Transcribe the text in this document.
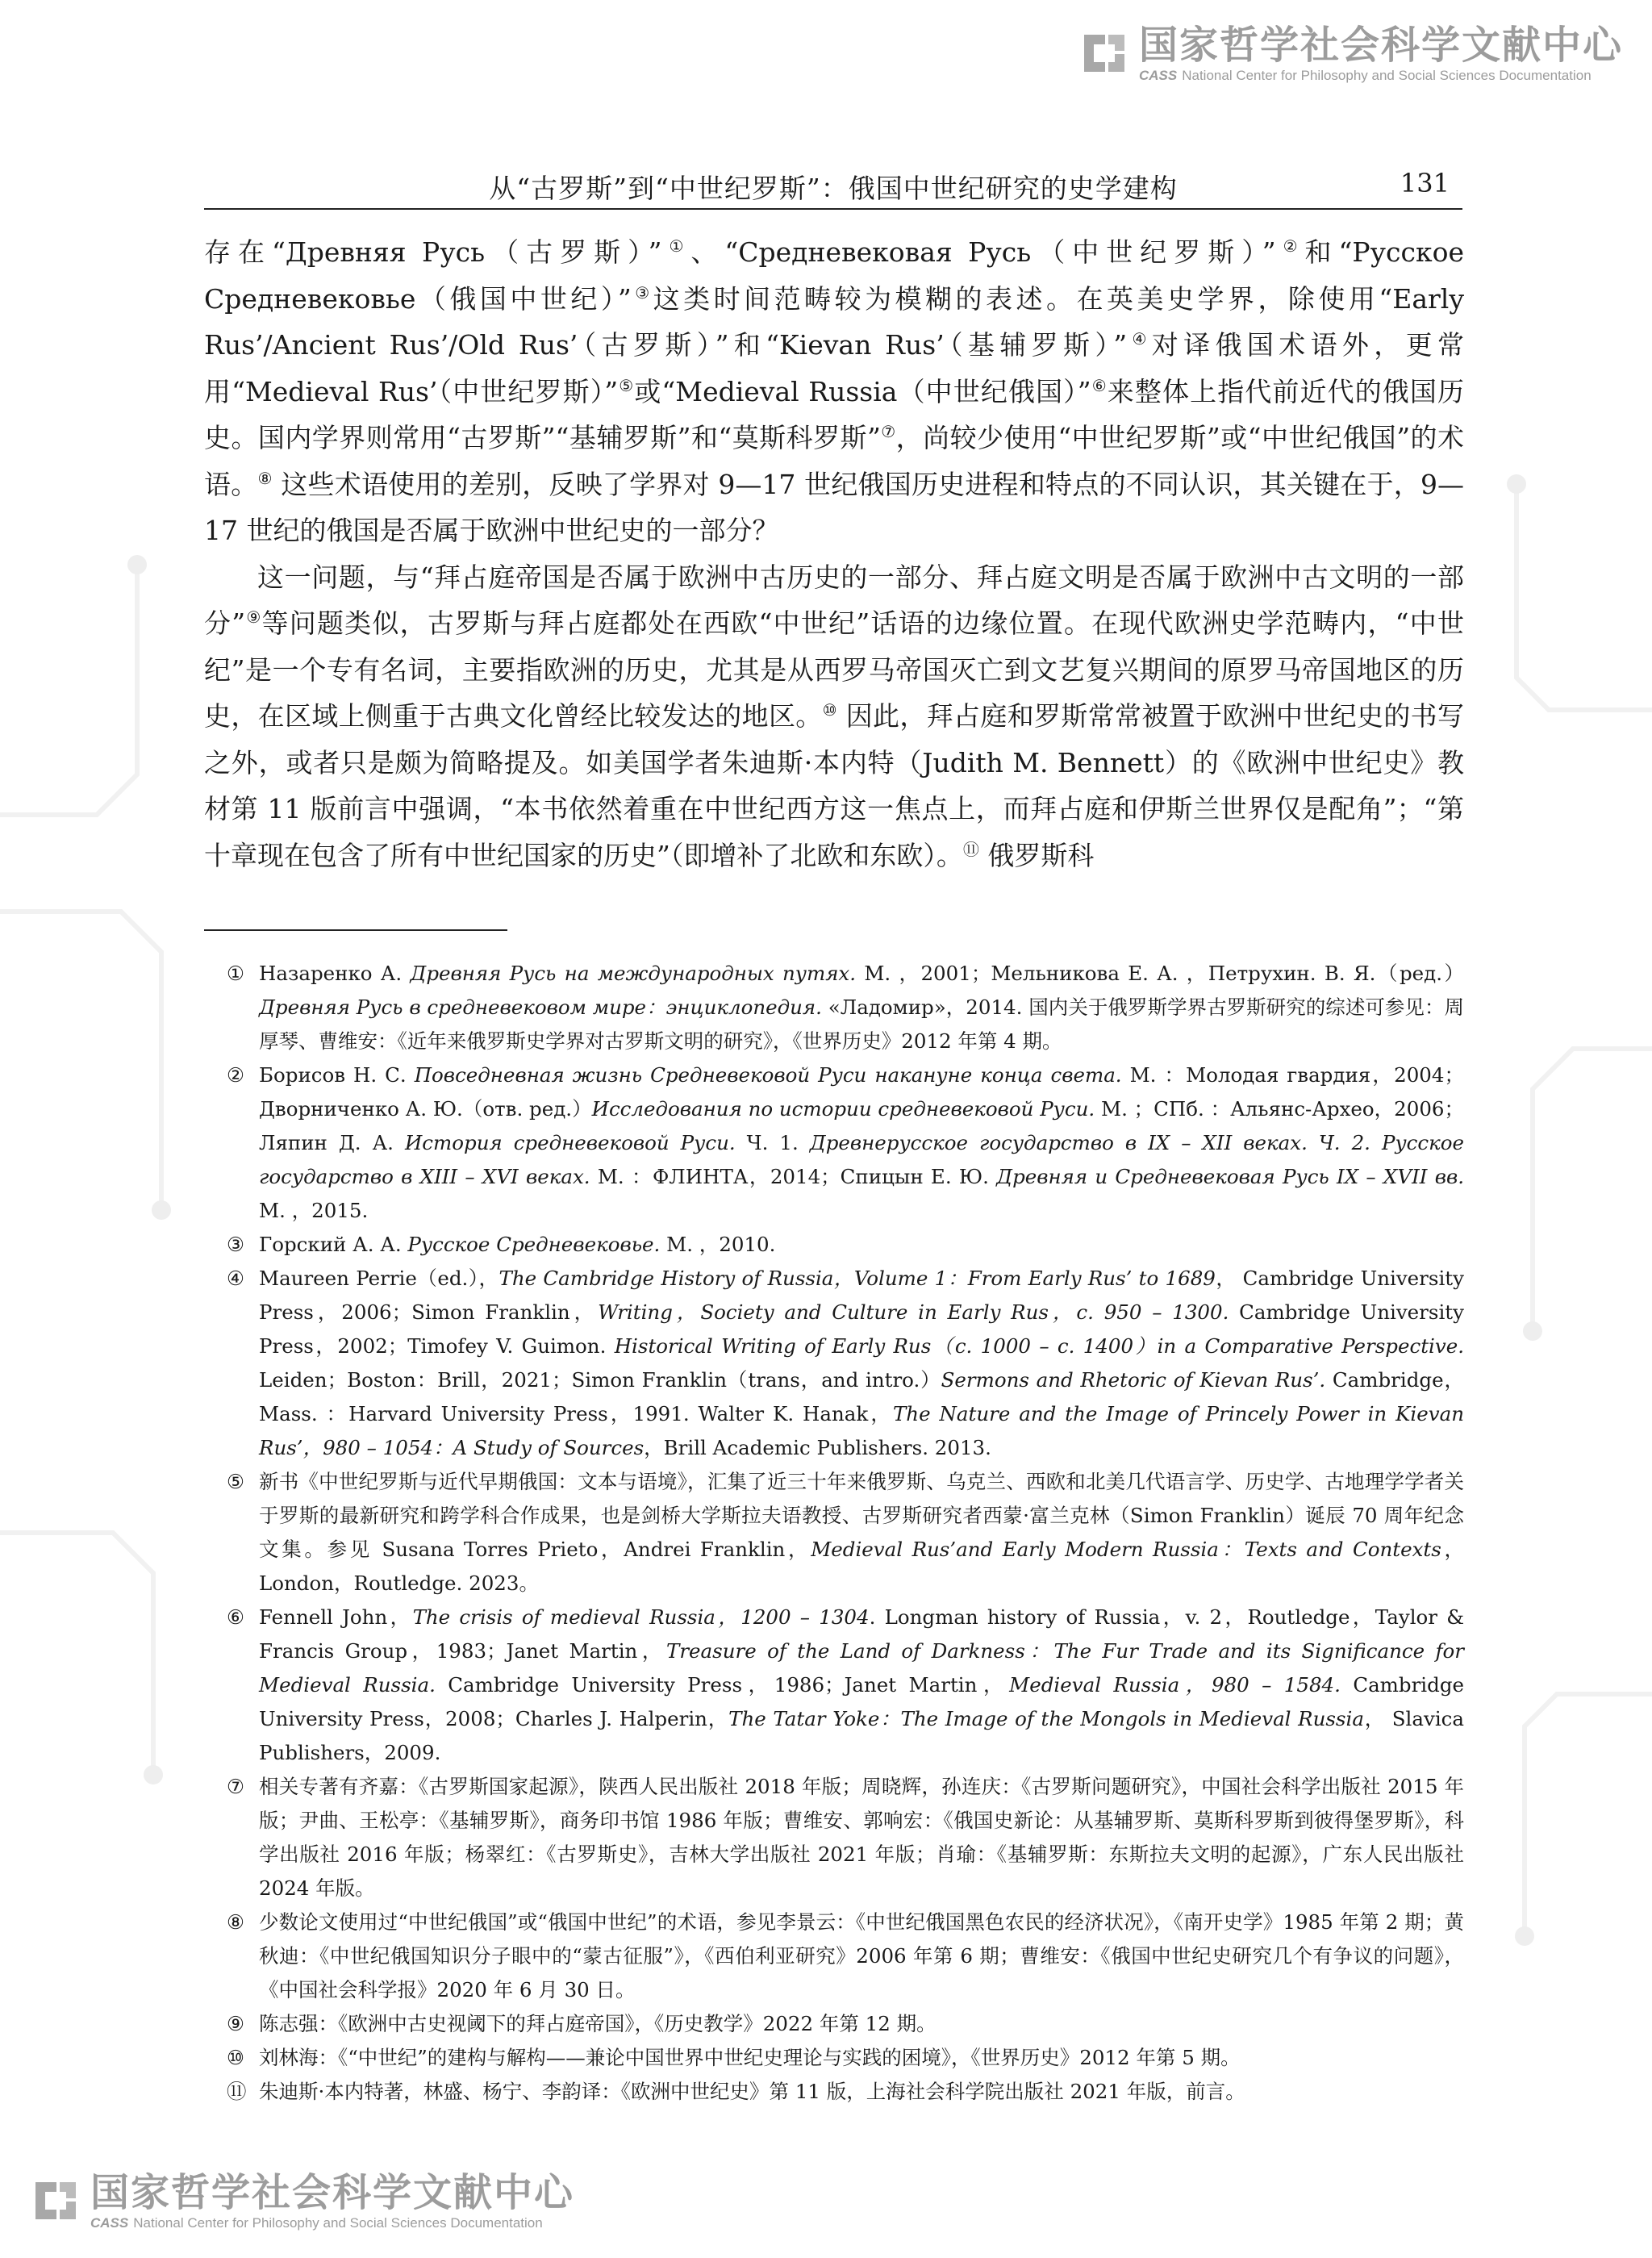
国家哲学社会科学文献中心
CASS National Center for Philosophy and Social Sciences Documentation
从“古罗斯”到“中世纪罗斯”：俄国中世纪研究的史学建构	131

存在“Древняя Русь（古罗斯）”①、“Средневековая Русь（中世纪罗斯）”②和“Русское Средневековье（俄国中世纪）”③这类时间范畴较为模糊的表述。在英美史学界，除使用“Early Rus’/Ancient Rus’/Old Rus’（古罗斯）”和“Kievan Rus’（基辅罗斯）”④对译俄国术语外，更常用“Medieval Rus’（中世纪罗斯）”⑤或“Medieval Russia（中世纪俄国）”⑥来整体上指代前近代的俄国历史。国内学界则常用“古罗斯”“基辅罗斯”和“莫斯科罗斯”⑦，尚较少使用“中世纪罗斯”或“中世纪俄国”的术语。⑧ 这些术语使用的差别，反映了学界对 9—17 世纪俄国历史进程和特点的不同认识，其关键在于，9—17 世纪的俄国是否属于欧洲中世纪史的一部分？

这一问题，与“拜占庭帝国是否属于欧洲中古历史的一部分、拜占庭文明是否属于欧洲中古文明的一部分”⑨等问题类似，古罗斯与拜占庭都处在西欧“中世纪”话语的边缘位置。在现代欧洲史学范畴内，“中世纪”是一个专有名词，主要指欧洲的历史，尤其是从西罗马帝国灭亡到文艺复兴期间的原罗马帝国地区的历史，在区域上侧重于古典文化曾经比较发达的地区。⑩ 因此，拜占庭和罗斯常常被置于欧洲中世纪史的书写之外，或者只是颇为简略提及。如美国学者朱迪斯·本内特（Judith M. Bennett）的《欧洲中世纪史》教材第 11 版前言中强调，“本书依然着重在中世纪西方这一焦点上，而拜占庭和伊斯兰世界仅是配角”；“第十章现在包含了所有中世纪国家的历史”（即增补了北欧和东欧）。⑪ 俄罗斯科

① Назаренко А. Древняя Русь на международных путях. М. ，2001；Мельникова Е. А. ，Петрухин. В. Я.（ред.）Древняя Русь в средневековом мире：энциклопедия. «Ладомир»，2014. 国内关于俄罗斯学界古罗斯研究的综述可参见：周厚琴、曹维安：《近年来俄罗斯史学界对古罗斯文明的研究》，《世界历史》2012 年第 4 期。
② Борисов Н. С. Повседневная жизнь Средневековой Руси накануне конца света. М. ：Молодая гвардия，2004；Дворниченко А. Ю.（отв. ред.）Исследования по истории средневековой Руси. М. ；СПб. ：Альянс-Архео，2006；Ляпин Д. А. История средневековой Руси. Ч. 1. Древнерусское государство в IX – XII веках. Ч. 2. Русское государство в XIII – XVI веках. М. ：ФЛИНТА，2014；Спицын Е. Ю. Древняя и Средневековая Русь IX – XVII вв. М. ，2015.
③ Горский А. А. Русское Средневековье. М. ，2010.
④ Maureen Perrie（ed.），The Cambridge History of Russia，Volume 1：From Early Rus’ to 1689， Cambridge University Press，2006；Simon Franklin，Writing，Society and Culture in Early Rus，c. 950 – 1300. Cambridge University Press，2002；Timofey V. Guimon. Historical Writing of Early Rus（c. 1000 – c. 1400）in a Comparative Perspective. Leiden；Boston：Brill，2021；Simon Franklin（trans，and intro.）Sermons and Rhetoric of Kievan Rus’. Cambridge，Mass. ：Harvard University Press，1991. Walter K. Hanak，The Nature and the Image of Princely Power in Kievan Rus’，980 – 1054：A Study of Sources，Brill Academic Publishers. 2013.
⑤ 新书《中世纪罗斯与近代早期俄国：文本与语境》，汇集了近三十年来俄罗斯、乌克兰、西欧和北美几代语言学、历史学、古地理学学者关于罗斯的最新研究和跨学科合作成果，也是剑桥大学斯拉夫语教授、古罗斯研究者西蒙·富兰克林（Simon Franklin）诞辰 70 周年纪念文集。参见 Susana Torres Prieto，Andrei Franklin，Medieval Rus’and Early Modern Russia：Texts and Contexts，London，Routledge. 2023。
⑥ Fennell John，The crisis of medieval Russia，1200 – 1304. Longman history of Russia，v. 2，Routledge，Taylor & Francis Group，1983；Janet Martin，Treasure of the Land of Darkness：The Fur Trade and its Significance for Medieval Russia. Cambridge University Press，1986；Janet Martin，Medieval Russia，980 – 1584. Cambridge University Press，2008；Charles J. Halperin，The Tatar Yoke：The Image of the Mongols in Medieval Russia， Slavica Publishers，2009.
⑦ 相关专著有齐嘉：《古罗斯国家起源》，陕西人民出版社 2018 年版；周晓辉，孙连庆：《古罗斯问题研究》，中国社会科学出版社 2015 年版；尹曲、王松亭：《基辅罗斯》，商务印书馆 1986 年版；曹维安、郭响宏：《俄国史新论：从基辅罗斯、莫斯科罗斯到彼得堡罗斯》，科学出版社 2016 年版；杨翠红：《古罗斯史》，吉林大学出版社 2021 年版；肖瑜：《基辅罗斯：东斯拉夫文明的起源》，广东人民出版社 2024 年版。
⑧ 少数论文使用过“中世纪俄国”或“俄国中世纪”的术语，参见李景云：《中世纪俄国黑色农民的经济状况》，《南开史学》1985 年第 2 期；黄秋迪：《中世纪俄国知识分子眼中的“蒙古征服”》，《西伯利亚研究》2006 年第 6 期；曹维安：《俄国中世纪史研究几个有争议的问题》，《中国社会科学报》2020 年 6 月 30 日。
⑨ 陈志强：《欧洲中古史视阈下的拜占庭帝国》，《历史教学》2022 年第 12 期。
⑩ 刘林海：《“中世纪”的建构与解构——兼论中国世界中世纪史理论与实践的困境》，《世界历史》2012 年第 5 期。
⑪ 朱迪斯·本内特著，林盛、杨宁、李韵译：《欧洲中世纪史》第 11 版，上海社会科学院出版社 2021 年版，前言。
国家哲学社会科学文献中心
CASS National Center for Philosophy and Social Sciences Documentation
